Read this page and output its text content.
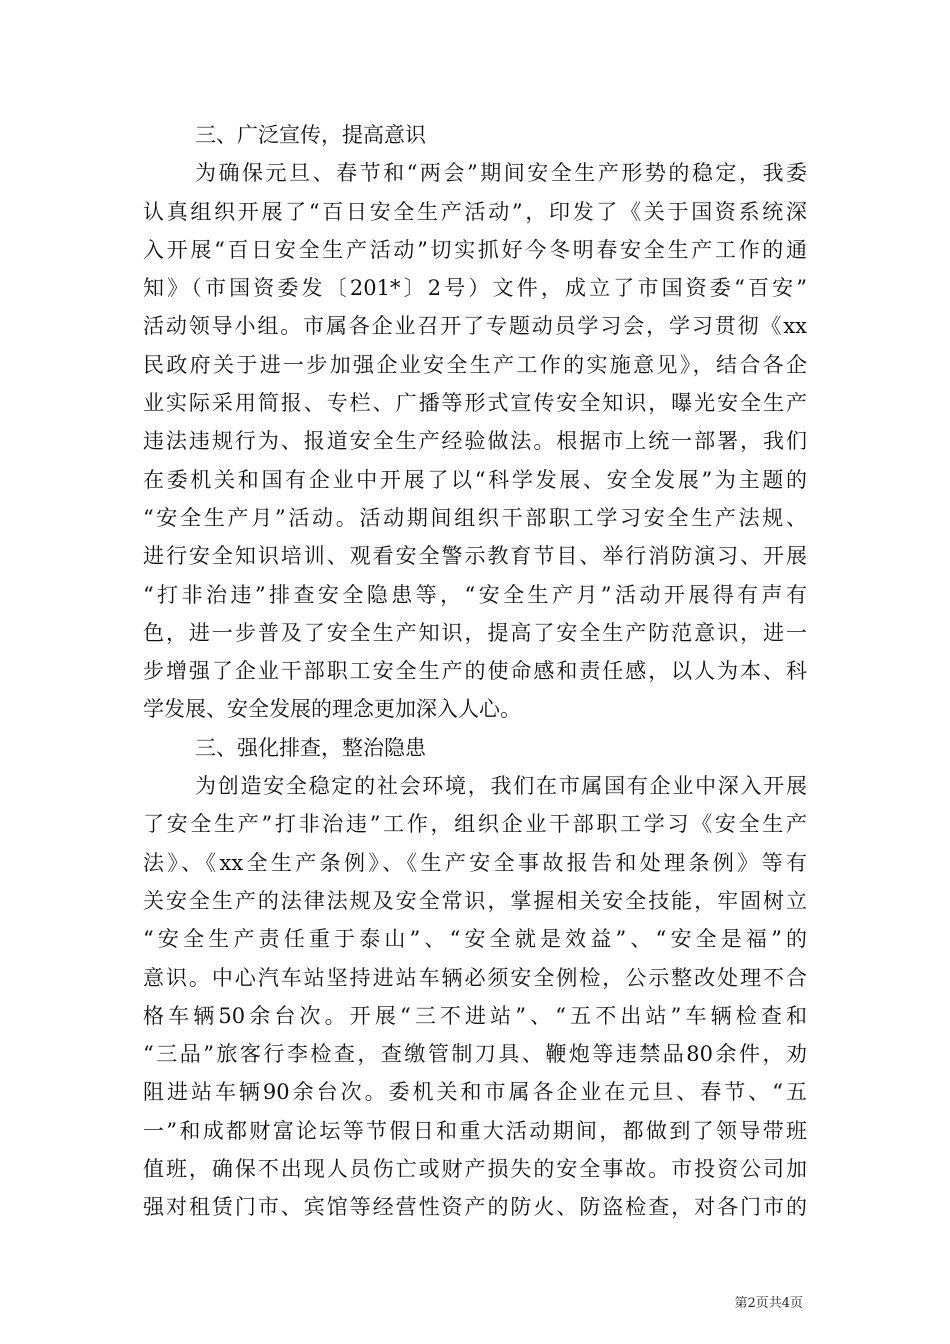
三、广泛宣传，提高意识
为确保元旦、春节和“两会”期间安全生产形势的稳定，我委
认真组织开展了“百日安全生产活动”，印发了《关于国资系统深
入开展“百日安全生产活动”切实抓好今冬明春安全生产工作的通
知》（市国资委发〔201*〕2号）文件，成立了市国资委“百安”
活动领导小组。市属各企业召开了专题动员学习会，学习贯彻《xx
民政府关于进一步加强企业安全生产工作的实施意见》，结合各企
业实际采用简报、专栏、广播等形式宣传安全知识，曝光安全生产
违法违规行为、报道安全生产经验做法。根据市上统一部署，我们
在委机关和国有企业中开展了以“科学发展、安全发展”为主题的
“安全生产月”活动。活动期间组织干部职工学习安全生产法规、
进行安全知识培训、观看安全警示教育节目、举行消防演习、开展
“打非治违”排查安全隐患等，“安全生产月”活动开展得有声有
色，进一步普及了安全生产知识，提高了安全生产防范意识，进一
步增强了企业干部职工安全生产的使命感和责任感，以人为本、科
学发展、安全发展的理念更加深入人心。
三、强化排查，整治隐患
为创造安全稳定的社会环境，我们在市属国有企业中深入开展
了安全生产”打非治违”工作，组织企业干部职工学习《安全生产
法》、《xx全生产条例》、《生产安全事故报告和处理条例》等有
关安全生产的法律法规及安全常识，掌握相关安全技能，牢固树立
“安全生产责任重于泰山”、“安全就是效益”、“安全是福”的
意识。中心汽车站坚持进站车辆必须安全例检，公示整改处理不合
格车辆50余台次。开展“三不进站”、“五不出站”车辆检查和
“三品”旅客行李检查，查缴管制刀具、鞭炮等违禁品80余件，劝
阻进站车辆90余台次。委机关和市属各企业在元旦、春节、“五
一”和成都财富论坛等节假日和重大活动期间，都做到了领导带班
值班，确保不出现人员伤亡或财产损失的安全事故。市投资公司加
强对租赁门市、宾馆等经营性资产的防火、防盗检查，对各门市的
第2页共4页
